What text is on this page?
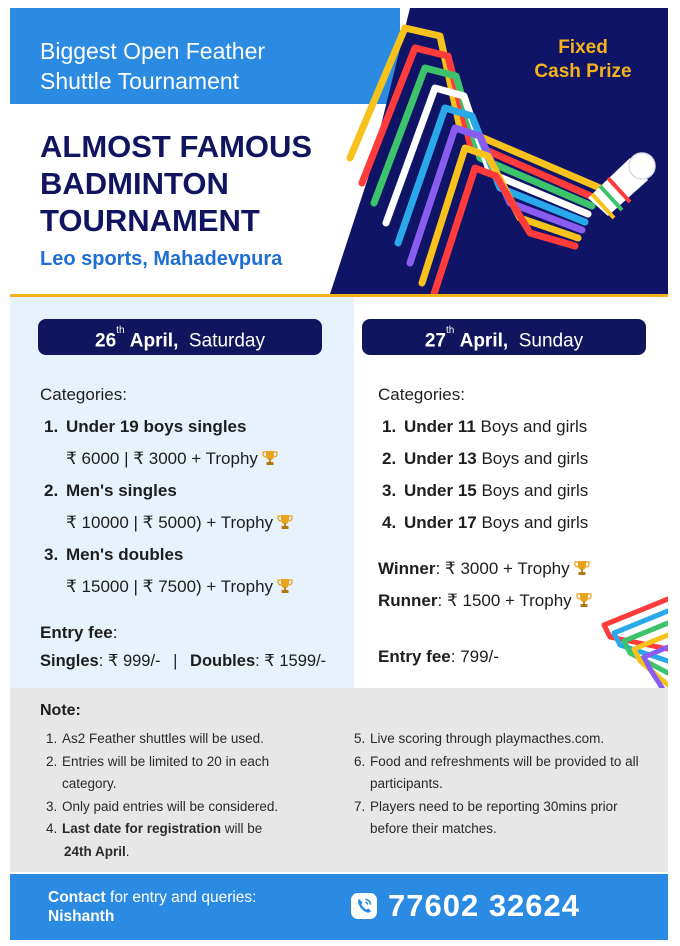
Biggest Open Feather
Shuttle Tournament
ALMOST FAMOUS
BADMINTON
TOURNAMENT
Leo sports, Mahadevpura
Fixed
Cash Prize
26th April, Saturday
Categories:
1. Under 19 boys singles
₹ 6000 | ₹ 3000 + Trophy
2. Men's singles
₹ 10000 | ₹ 5000) + Trophy
3. Men's doubles
₹ 15000 | ₹ 7500) + Trophy
Entry fee:
Singles: ₹ 999/- | Doubles: ₹ 1599/-
27th April, Sunday
Categories:
1. Under 11 Boys and girls
2. Under 13 Boys and girls
3. Under 15 Boys and girls
4. Under 17 Boys and girls
Winner: ₹ 3000 + Trophy
Runner: ₹ 1500 + Trophy
Entry fee: 799/-
Note:
1. As2 Feather shuttles will be used.
2. Entries will be limited to 20 in each category.
3. Only paid entries will be considered.
4. Last date for registration will be
24th April.
5. Live scoring through playmacthes.com.
6. Food and refreshments will be provided to all participants.
7. Players need to be reporting 30mins prior before their matches.
Contact for entry and queries:
Nishanth	77602 32624
